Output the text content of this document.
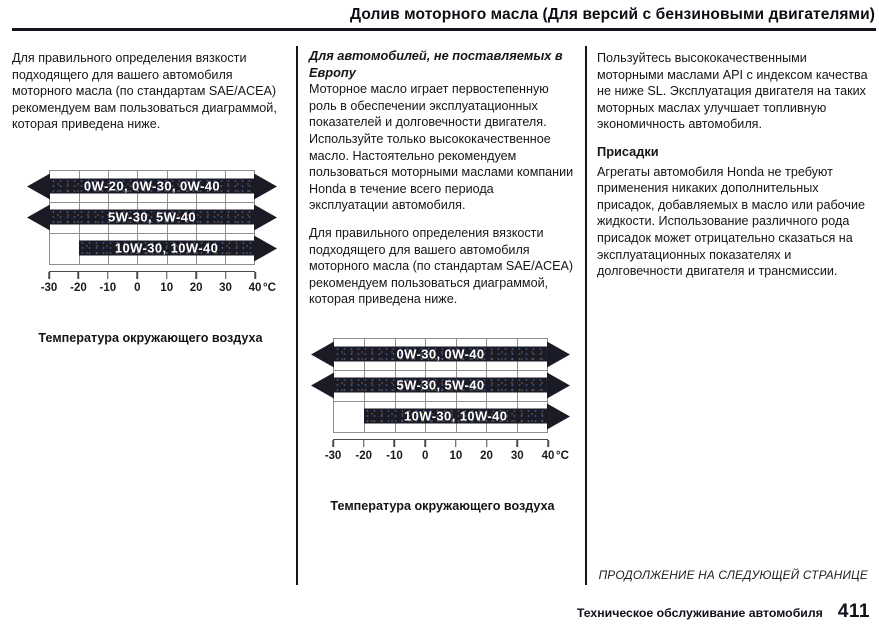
Долив моторного масла (Для версий с бензиновыми двигателями)

Для правильного определения вязкости подходящего для вашего автомобиля моторного масла (по стандартам SAE/ACEA) рекомендуем вам пользоваться диаграммой, которая приведена ниже.

0W-20, 0W-30, 0W-40
5W-30, 5W-40
10W-30, 10W-40
-30 -20 -10 0 10 20 30 40 °C
Температура окружающего воздуха

Для автомобилей, не поставляемых в Европу

Моторное масло играет первостепенную роль в обеспечении эксплуатационных показателей и долговечности двигателя. Используйте только высококачественное масло. Настоятельно рекомендуем пользоваться моторными маслами компании Honda в течение всего периода эксплуатации автомобиля.

Для правильного определения вязкости подходящего для вашего автомобиля моторного масла (по стандартам SAE/ACEA) рекомендуем пользоваться диаграммой, которая приведена ниже.

0W-30, 0W-40
5W-30, 5W-40
10W-30, 10W-40
-30 -20 -10 0 10 20 30 40 °C
Температура окружающего воздуха

Пользуйтесь высококачественными моторными маслами API с индексом качества не ниже SL. Эксплуатация двигателя на таких моторных маслах улучшает топливную экономичность автомобиля.

Присадки

Агрегаты автомобиля Honda не требуют применения никаких дополнительных присадок, добавляемых в масло или рабочие жидкости. Использование различного рода присадок может отрицательно сказаться на эксплуатационных показателях и долговечности двигателя и трансмиссии.

ПРОДОЛЖЕНИЕ НА СЛЕДУЮЩЕЙ СТРАНИЦЕ
Техническое обслуживание автомобиля 411
